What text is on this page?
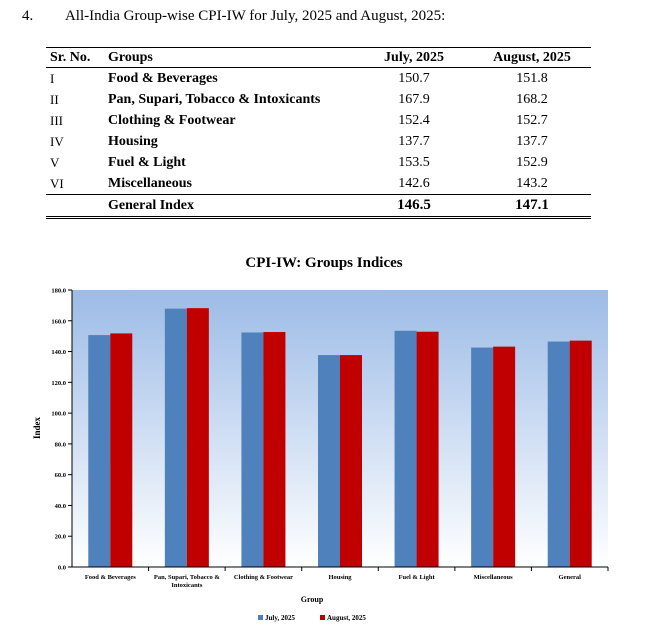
4. All-India Group-wise CPI-IW for July, 2025 and August, 2025:
Sr. No.	Groups	July, 2025	August, 2025
I	Food & Beverages	150.7	151.8
II	Pan, Supari, Tobacco & Intoxicants	167.9	168.2
III	Clothing & Footwear	152.4	152.7
IV	Housing	137.7	137.7
V	Fuel & Light	153.5	152.9
VI	Miscellaneous	142.6	143.2
	General Index	146.5	147.1
CPI-IW: Groups Indices
0.0
20.0
40.0
60.0
80.0
100.0
120.0
140.0
160.0
180.0
Food & Beverages	Pan, Supari, Tobacco &
Intoxicants
Clothing & Footwear	Housing	Fuel & Light	Miscellaneous	General
Index
Group
July, 2025	August, 2025
